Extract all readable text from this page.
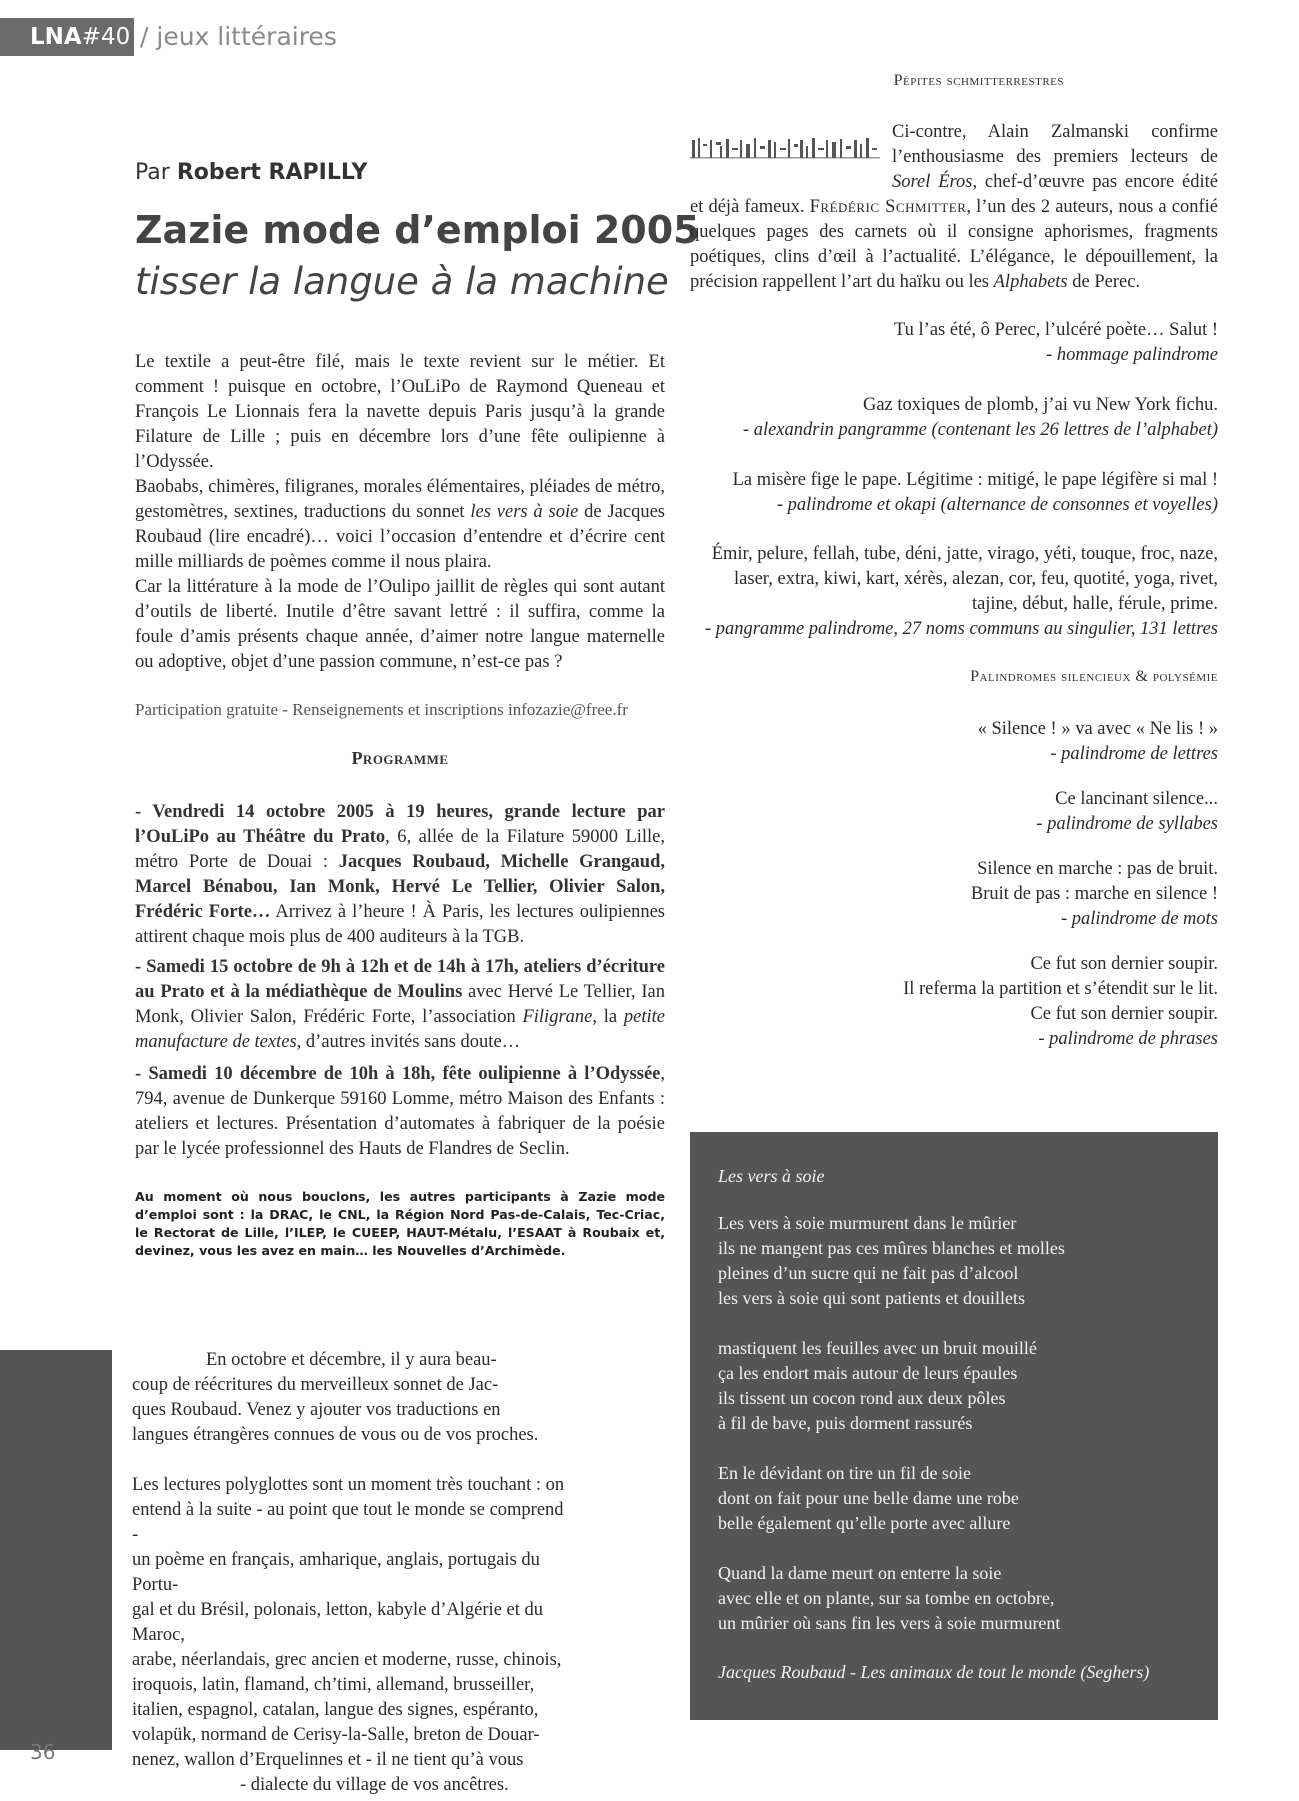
LNA#40 / jeux littéraires
Par Robert RAPILLY
Zazie mode d’emploi 2005
tisser la langue à la machine

Le textile a peut-être filé, mais le texte revient sur le métier. Et comment ! puisque en octobre, l’OuLiPo de Raymond Queneau et François Le Lionnais fera la navette depuis Paris jusqu’à la grande Filature de Lille ; puis en décembre lors d’une fête oulipienne à l’Odyssée.

Baobabs, chimères, filigranes, morales élémentaires, pléiades de métro, gestomètres, sextines, traductions du sonnet les vers à soie de Jacques Roubaud (lire encadré)… voici l’occasion d’entendre et d’écrire cent mille milliards de poèmes comme il nous plaira.

Car la littérature à la mode de l’Oulipo jaillit de règles qui sont autant d’outils de liberté. Inutile d’être savant lettré : il suffira, comme la foule d’amis présents chaque année, d’aimer notre langue maternelle ou adoptive, objet d’une passion commune, n’est-ce pas ?

Participation gratuite - Renseignements et inscriptions infozazie@free.fr
Programme
- Vendredi 14 octobre 2005 à 19 heures, grande lecture par l’OuLiPo au Théâtre du Prato, 6, allée de la Filature 59000 Lille, métro Porte de Douai : Jacques Roubaud, Michelle Grangaud, Marcel Bénabou, Ian Monk, Hervé Le Tellier, Olivier Salon, Frédéric Forte… Arrivez à l’heure ! À Paris, les lectures oulipiennes attirent chaque mois plus de 400 auditeurs à la TGB.
- Samedi 15 octobre de 9h à 12h et de 14h à 17h, ateliers d’écriture au Prato et à la médiathèque de Moulins avec Hervé Le Tellier, Ian Monk, Olivier Salon, Frédéric Forte, l’association Filigrane, la petite manufacture de textes, d’autres invités sans doute…
- Samedi 10 décembre de 10h à 18h, fête oulipienne à l’Odyssée, 794, avenue de Dunkerque 59160 Lomme, métro Maison des Enfants : ateliers et lectures. Présentation d’automates à fabriquer de la poésie par le lycée professionnel des Hauts de Flandres de Seclin.
Au moment où nous bouclons, les autres participants à Zazie mode d’emploi sont : la DRAC, le CNL, la Région Nord Pas-de-Calais, Tec-Criac, le Rectorat de Lille, l’ILEP, le CUEEP, HAUT-Métalu, l’ESAAT à Roubaix et, devinez, vous les avez en main… les Nouvelles d’Archimède.

En octobre et décembre, il y aura beau-

coup de réécritures du merveilleux sonnet de Jac-

ques Roubaud. Venez y ajouter vos traductions en

langues étrangères connues de vous ou de vos proches.

Les lectures polyglottes sont un moment très touchant : on

entend à la suite - au point que tout le monde se comprend -

un poème en français, amharique, anglais, portugais du Portu-

gal et du Brésil, polonais, letton, kabyle d’Algérie et du Maroc,

arabe, néerlandais, grec ancien et moderne, russe, chinois,

iroquois, latin, flamand, ch’timi, allemand, brusseiller,

italien, espagnol, catalan, langue des signes, espéranto,

volapük, normand de Cerisy-la-Salle, breton de Douar-

nenez, wallon d’Erquelinnes et - il ne tient qu’à vous

- dialecte du village de vos ancêtres.

36
Pépites schmitterrestres

Ci-contre, Alain Zalmanski confirme l’enthousiasme des premiers lecteurs de Sorel Éros, chef-d’œuvre pas encore édité et déjà fameux. Frédéric Schmitter, l’un des 2 auteurs, nous a confié quelques pages des carnets où il consigne aphorismes, fragments poétiques, clins d’œil à l’actualité. L’élégance, le dépouillement, la précision rappellent l’art du haïku ou les Alphabets de Perec.

Tu l’as été, ô Perec, l’ulcéré poète… Salut !
- hommage palindrome
Gaz toxiques de plomb, j’ai vu New York fichu.
- alexandrin pangramme (contenant les 26 lettres de l’alphabet)
La misère fige le pape. Légitime : mitigé, le pape légifère si mal !
- palindrome et okapi (alternance de consonnes et voyelles)
Émir, pelure, fellah, tube, déni, jatte, virago, yéti, touque, froc, naze,
laser, extra, kiwi, kart, xérès, alezan, cor, feu, quotité, yoga, rivet,
tajine, début, halle, férule, prime.
- pangramme palindrome, 27 noms communs au singulier, 131 lettres
Palindromes silencieux & polysémie
« Silence ! » va avec « Ne lis ! »
- palindrome de lettres
Ce lancinant silence...
- palindrome de syllabes
Silence en marche : pas de bruit.
Bruit de pas : marche en silence !
- palindrome de mots
Ce fut son dernier soupir.
Il referma la partition et s’étendit sur le lit.
Ce fut son dernier soupir.
- palindrome de phrases
Les vers à soie
Les vers à soie murmurent dans le mûrier
ils ne mangent pas ces mûres blanches et molles
pleines d’un sucre qui ne fait pas d’alcool
les vers à soie qui sont patients et douillets
mastiquent les feuilles avec un bruit mouillé
ça les endort mais autour de leurs épaules
ils tissent un cocon rond aux deux pôles
à fil de bave, puis dorment rassurés
En le dévidant on tire un fil de soie
dont on fait pour une belle dame une robe
belle également qu’elle porte avec allure
Quand la dame meurt on enterre la soie
avec elle et on plante, sur sa tombe en octobre,
un mûrier où sans fin les vers à soie murmurent
Jacques Roubaud - Les animaux de tout le monde (Seghers)
